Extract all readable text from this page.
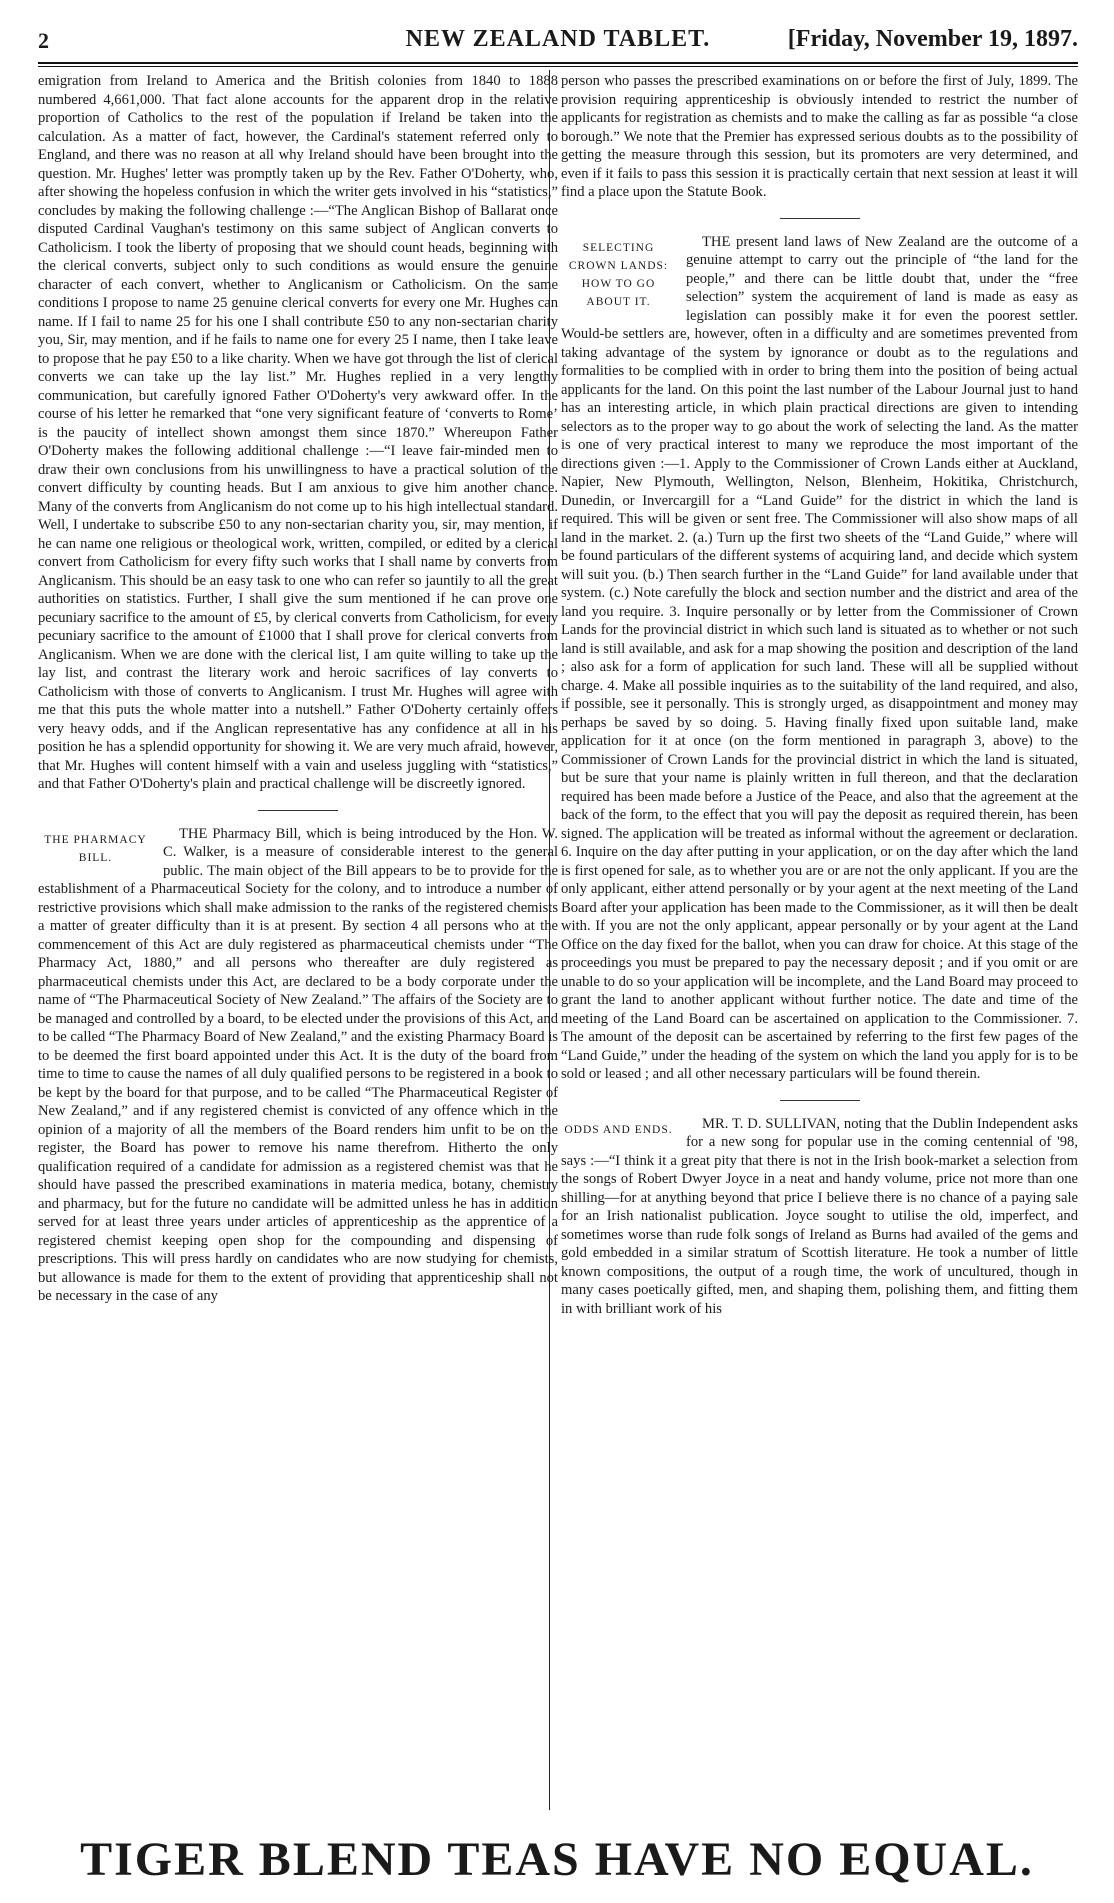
2	NEW ZEALAND TABLET.	[Friday, November 19, 1897.

emigration from Ireland to America and the British colonies from 1840 to 1888 numbered 4,661,000. That fact alone accounts for the apparent drop in the relative proportion of Catholics to the rest of the population if Ireland be taken into the calculation. As a matter of fact, however, the Cardinal's statement referred only to England, and there was no reason at all why Ireland should have been brought into the question. Mr. Hughes' letter was promptly taken up by the Rev. Father O'Doherty, who, after showing the hopeless confusion in which the writer gets involved in his “statistics,” concludes by making the following challenge :—“The Anglican Bishop of Ballarat once disputed Cardinal Vaughan's testimony on this same subject of Anglican converts to Catholicism. I took the liberty of proposing that we should count heads, beginning with the clerical converts, subject only to such conditions as would ensure the genuine character of each convert, whether to Anglicanism or Catholicism. On the same conditions I propose to name 25 genuine clerical converts for every one Mr. Hughes can name. If I fail to name 25 for his one I shall contribute £50 to any non-sectarian charity you, Sir, may mention, and if he fails to name one for every 25 I name, then I take leave to propose that he pay £50 to a like charity. When we have got through the list of clerical converts we can take up the lay list.” Mr. Hughes replied in a very lengthy communication, but carefully ignored Father O'Doherty's very awkward offer. In the course of his letter he remarked that “one very significant feature of ‘converts to Rome’ is the paucity of intellect shown amongst them since 1870.” Whereupon Father O'Doherty makes the following additional challenge :—“I leave fair-minded men to draw their own conclusions from his unwillingness to have a practical solution of the convert difficulty by counting heads. But I am anxious to give him another chance. Many of the converts from Anglicanism do not come up to his high intellectual standard. Well, I undertake to subscribe £50 to any non-sectarian charity you, sir, may mention, if he can name one religious or theological work, written, compiled, or edited by a clerical convert from Catholicism for every fifty such works that I shall name by converts from Anglicanism. This should be an easy task to one who can refer so jauntily to all the great authorities on statistics. Further, I shall give the sum mentioned if he can prove one pecuniary sacrifice to the amount of £5, by clerical converts from Catholicism, for every pecuniary sacrifice to the amount of £1000 that I shall prove for clerical converts from Anglicanism. When we are done with the clerical list, I am quite willing to take up the lay list, and contrast the literary work and heroic sacrifices of lay converts to Catholicism with those of converts to Anglicanism. I trust Mr. Hughes will agree with me that this puts the whole matter into a nutshell.” Father O'Doherty certainly offers very heavy odds, and if the Anglican representative has any confidence at all in his position he has a splendid opportunity for showing it. We are very much afraid, however, that Mr. Hughes will content himself with a vain and useless juggling with “statistics,” and that Father O'Doherty's plain and practical challenge will be discreetly ignored.

THE PHARMACY BILL.

THE Pharmacy Bill, which is being introduced by the Hon. W. C. Walker, is a measure of considerable interest to the general public. The main object of the Bill appears to be to provide for the establishment of a Pharmaceutical Society for the colony, and to introduce a number of restrictive provisions which shall make admission to the ranks of the registered chemists a matter of greater difficulty than it is at present. By section 4 all persons who at the commencement of this Act are duly registered as pharmaceutical chemists under “The Pharmacy Act, 1880,” and all persons who thereafter are duly registered as pharmaceutical chemists under this Act, are declared to be a body corporate under the name of “The Pharmaceutical Society of New Zealand.” The affairs of the Society are to be managed and controlled by a board, to be elected under the provisions of this Act, and to be called “The Pharmacy Board of New Zealand,” and the existing Pharmacy Board is to be deemed the first board appointed under this Act. It is the duty of the board from time to time to cause the names of all duly qualified persons to be registered in a book to be kept by the board for that purpose, and to be called “The Pharmaceutical Register of New Zealand,” and if any registered chemist is convicted of any offence which in the opinion of a majority of all the members of the Board renders him unfit to be on the register, the Board has power to remove his name therefrom. Hitherto the only qualification required of a candidate for admission as a registered chemist was that he should have passed the prescribed examinations in materia medica, botany, chemistry and pharmacy, but for the future no candidate will be admitted unless he has in addition served for at least three years under articles of apprenticeship as the apprentice of a registered chemist keeping open shop for the compounding and dispensing of prescriptions. This will press hardly on candidates who are now studying for chemists, but allowance is made for them to the extent of providing that apprenticeship shall not be necessary in the case of any

person who passes the prescribed examinations on or before the first of July, 1899. The provision requiring apprenticeship is obviously intended to restrict the number of applicants for registration as chemists and to make the calling as far as possible “a close borough.” We note that the Premier has expressed serious doubts as to the possibility of getting the measure through this session, but its promoters are very determined, and even if it fails to pass this session it is practically certain that next session at least it will find a place upon the Statute Book.

SELECTING CROWN LANDS: HOW TO GO ABOUT IT.

THE present land laws of New Zealand are the outcome of a genuine attempt to carry out the principle of “the land for the people,” and there can be little doubt that, under the “free selection” system the acquirement of land is made as easy as legislation can possibly make it for even the poorest settler. Would-be settlers are, however, often in a difficulty and are sometimes prevented from taking advantage of the system by ignorance or doubt as to the regulations and formalities to be complied with in order to bring them into the position of being actual applicants for the land. On this point the last number of the Labour Journal just to hand has an interesting article, in which plain practical directions are given to intending selectors as to the proper way to go about the work of selecting the land. As the matter is one of very practical interest to many we reproduce the most important of the directions given :—1. Apply to the Commissioner of Crown Lands either at Auckland, Napier, New Plymouth, Wellington, Nelson, Blenheim, Hokitika, Christchurch, Dunedin, or Invercargill for a “Land Guide” for the district in which the land is required. This will be given or sent free. The Commissioner will also show maps of all land in the market. 2. (a.) Turn up the first two sheets of the “Land Guide,” where will be found particulars of the different systems of acquiring land, and decide which system will suit you. (b.) Then search further in the “Land Guide” for land available under that system. (c.) Note carefully the block and section number and the district and area of the land you require. 3. Inquire personally or by letter from the Commissioner of Crown Lands for the provincial district in which such land is situated as to whether or not such land is still available, and ask for a map showing the position and description of the land ; also ask for a form of application for such land. These will all be supplied without charge. 4. Make all possible inquiries as to the suitability of the land required, and also, if possible, see it personally. This is strongly urged, as disappointment and money may perhaps be saved by so doing. 5. Having finally fixed upon suitable land, make application for it at once (on the form mentioned in paragraph 3, above) to the Commissioner of Crown Lands for the provincial district in which the land is situated, but be sure that your name is plainly written in full thereon, and that the declaration required has been made before a Justice of the Peace, and also that the agreement at the back of the form, to the effect that you will pay the deposit as required therein, has been signed. The application will be treated as informal without the agreement or declaration. 6. Inquire on the day after putting in your application, or on the day after which the land is first opened for sale, as to whether you are or are not the only applicant. If you are the only applicant, either attend personally or by your agent at the next meeting of the Land Board after your application has been made to the Commissioner, as it will then be dealt with. If you are not the only applicant, appear personally or by your agent at the Land Office on the day fixed for the ballot, when you can draw for choice. At this stage of the proceedings you must be prepared to pay the necessary deposit ; and if you omit or are unable to do so your application will be incomplete, and the Land Board may proceed to grant the land to another applicant without further notice. The date and time of the meeting of the Land Board can be ascertained on application to the Commissioner. 7. The amount of the deposit can be ascertained by referring to the first few pages of the “Land Guide,” under the heading of the system on which the land you apply for is to be sold or leased ; and all other necessary particulars will be found therein.

ODDS AND ENDS.	MR. T. D. SULLIVAN, noting that the Dublin Independent asks for a new song for popular use in the coming centennial of '98, says :—“I think it a great pity that there is not in the Irish book-market a selection from the songs of Robert Dwyer Joyce in a neat and handy volume, price not more than one shilling—for at anything beyond that price I believe there is no chance of a paying sale for an Irish nationalist publication. Joyce sought to utilise the old, imperfect, and sometimes worse than rude folk songs of Ireland as Burns had availed of the gems and gold embedded in a similar stratum of Scottish literature. He took a number of little known compositions, the output of a rough time, the work of uncultured, though in many cases poetically gifted, men, and shaping them, polishing them, and fitting them in with brilliant work of his

TIGER BLEND TEAS HAVE NO EQUAL.
